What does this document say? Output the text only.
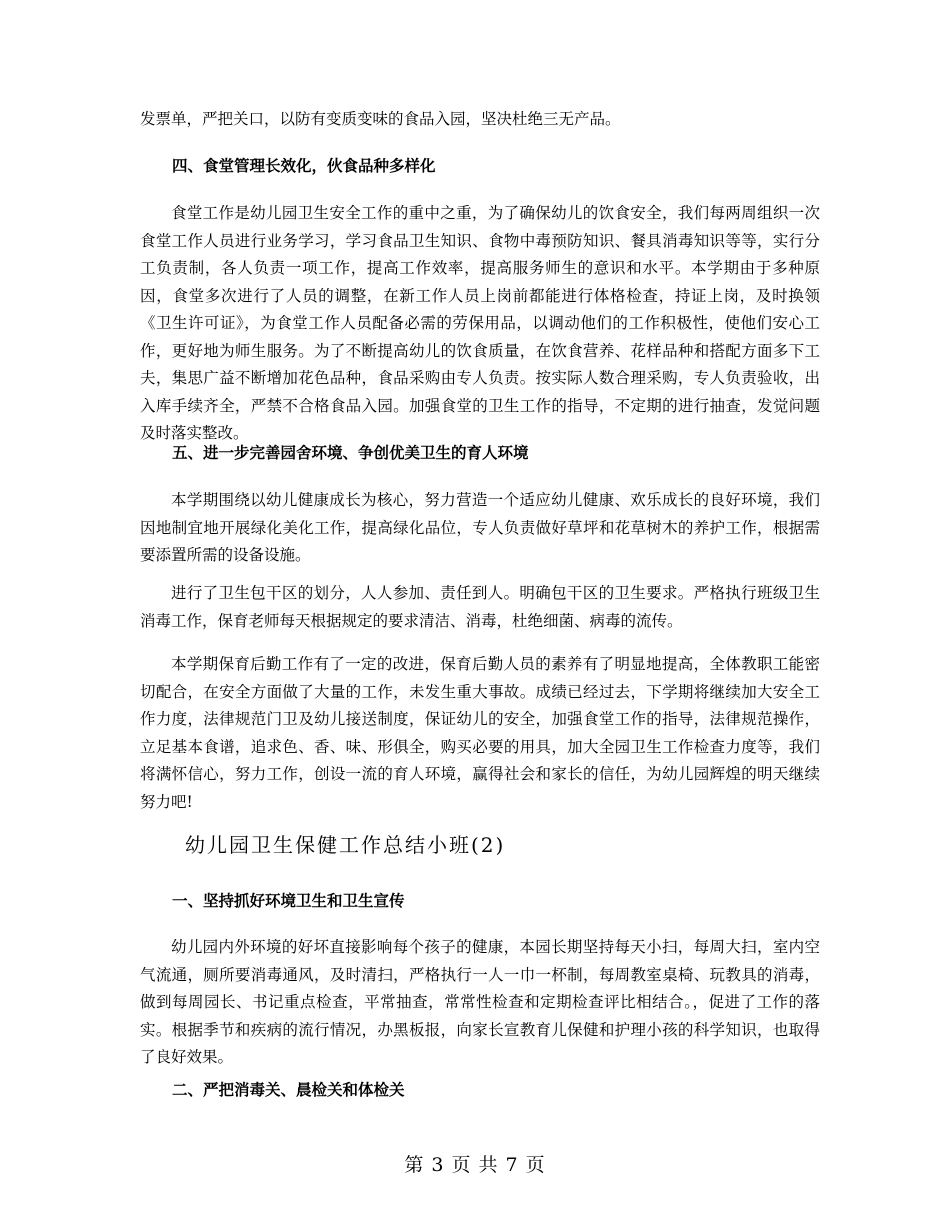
发票单，严把关口，以防有变质变味的食品入园，坚决杜绝三无产品。

四、食堂管理长效化，伙食品种多样化

食堂工作是幼儿园卫生安全工作的重中之重，为了确保幼儿的饮食安全，我们每两周组织一次食堂工作人员进行业务学习，学习食品卫生知识、食物中毒预防知识、餐具消毒知识等等，实行分工负责制，各人负责一项工作，提高工作效率，提高服务师生的意识和水平。本学期由于多种原因，食堂多次进行了人员的调整，在新工作人员上岗前都能进行体格检查，持证上岗，及时换领《卫生许可证》，为食堂工作人员配备必需的劳保用品，以调动他们的工作积极性，使他们安心工作，更好地为师生服务。为了不断提高幼儿的饮食质量，在饮食营养、花样品种和搭配方面多下工夫，集思广益不断增加花色品种，食品采购由专人负责。按实际人数合理采购，专人负责验收，出入库手续齐全，严禁不合格食品入园。加强食堂的卫生工作的指导，不定期的进行抽查，发觉问题及时落实整改。

五、进一步完善园舍环境、争创优美卫生的育人环境

本学期围绕以幼儿健康成长为核心，努力营造一个适应幼儿健康、欢乐成长的良好环境，我们因地制宜地开展绿化美化工作，提高绿化品位，专人负责做好草坪和花草树木的养护工作，根据需要添置所需的设备设施。

进行了卫生包干区的划分，人人参加、责任到人。明确包干区的卫生要求。严格执行班级卫生消毒工作，保育老师每天根据规定的要求清洁、消毒，杜绝细菌、病毒的流传。

本学期保育后勤工作有了一定的改进，保育后勤人员的素养有了明显地提高，全体教职工能密切配合，在安全方面做了大量的工作，未发生重大事故。成绩已经过去，下学期将继续加大安全工作力度，法律规范门卫及幼儿接送制度，保证幼儿的安全，加强食堂工作的指导，法律规范操作，立足基本食谱，追求色、香、味、形俱全，购买必要的用具，加大全园卫生工作检查力度等，我们将满怀信心，努力工作，创设一流的育人环境，赢得社会和家长的信任，为幼儿园辉煌的明天继续努力吧!

幼儿园卫生保健工作总结小班(2)
一、坚持抓好环境卫生和卫生宣传

幼儿园内外环境的好坏直接影响每个孩子的健康，本园长期坚持每天小扫，每周大扫，室内空气流通，厕所要消毒通风，及时清扫，严格执行一人一巾一杯制，每周教室桌椅、玩教具的消毒，做到每周园长、书记重点检查，平常抽查，常常性检查和定期检查评比相结合。，促进了工作的落实。根据季节和疾病的流行情况，办黑板报，向家长宣教育儿保健和护理小孩的科学知识，也取得了良好效果。

二、严把消毒关、晨检关和体检关
第 3 页 共 7 页
